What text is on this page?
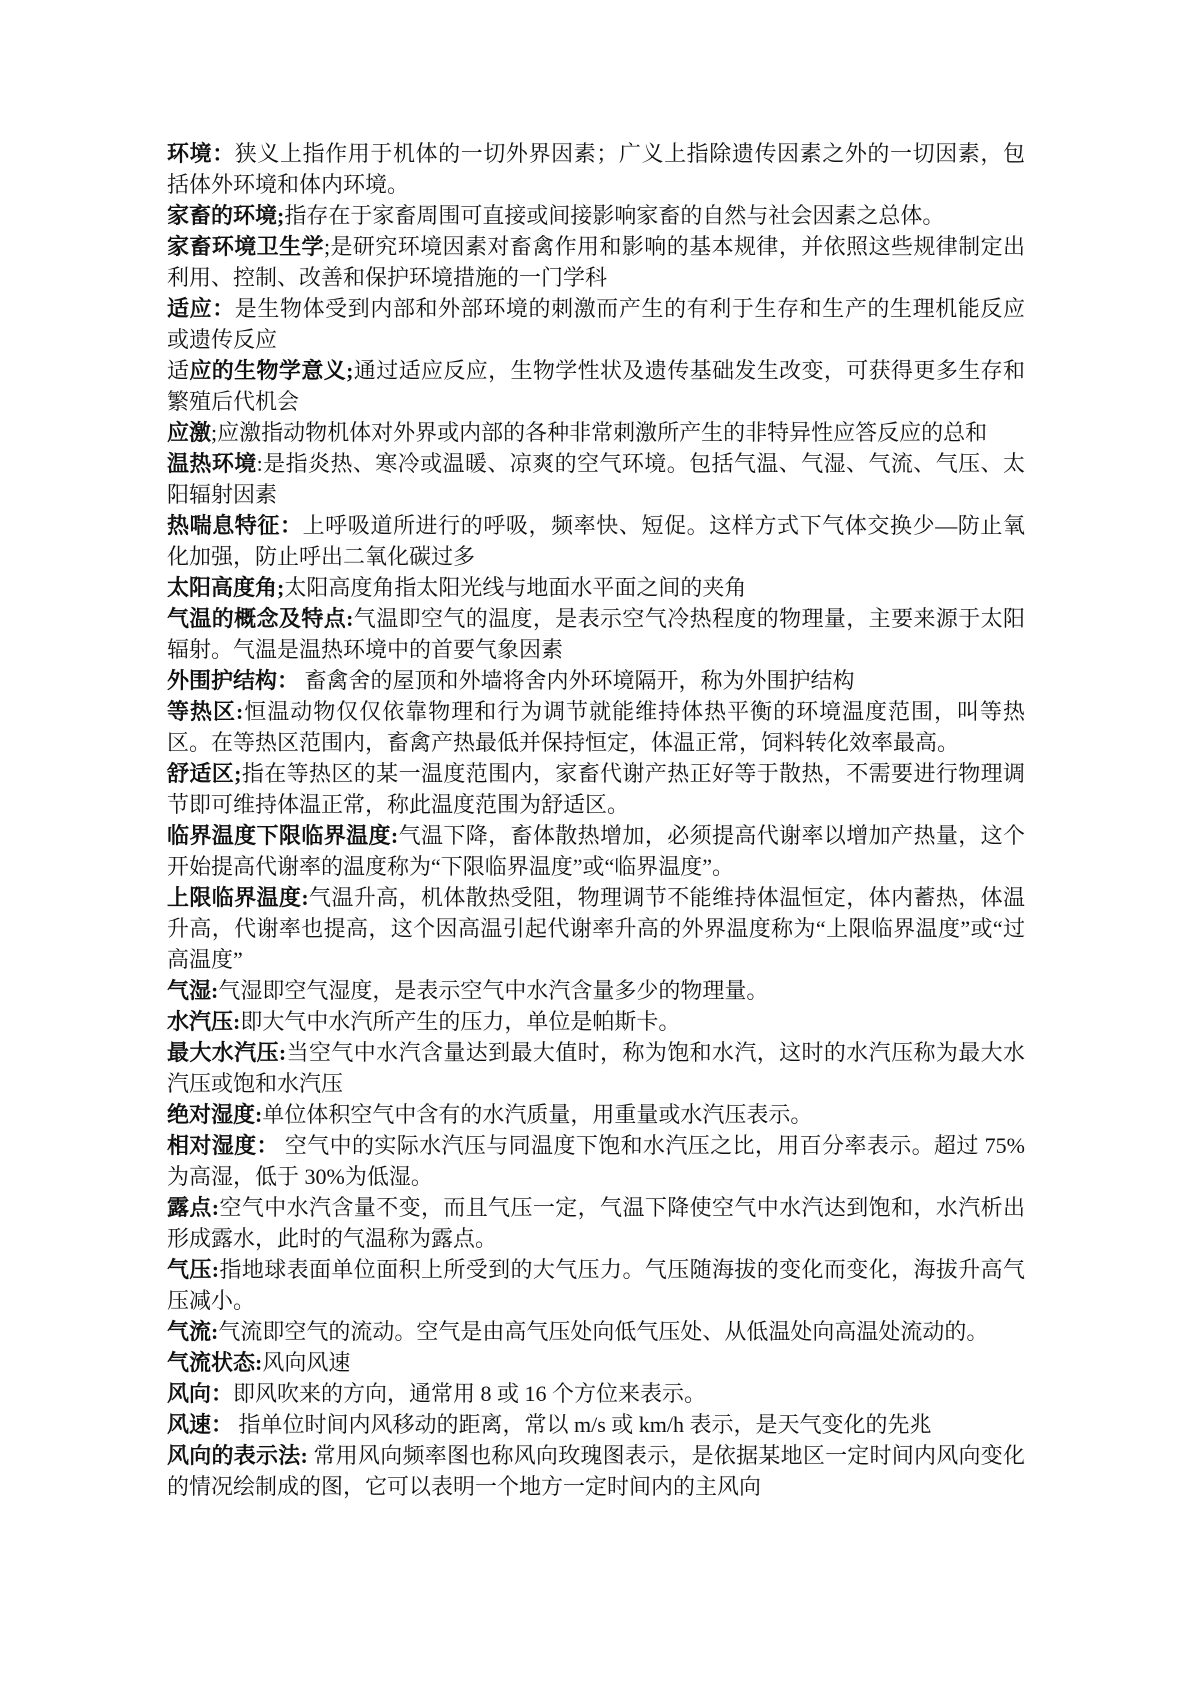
环境：狭义上指作用于机体的一切外界因素；广义上指除遗传因素之外的一切因素，包括体外环境和体内环境。

家畜的环境;指存在于家畜周围可直接或间接影响家畜的自然与社会因素之总体。

家畜环境卫生学;是研究环境因素对畜禽作用和影响的基本规律，并依照这些规律制定出利用、控制、改善和保护环境措施的一门学科

适应：是生物体受到内部和外部环境的刺激而产生的有利于生存和生产的生理机能反应或遗传反应

适应的生物学意义;通过适应反应，生物学性状及遗传基础发生改变，可获得更多生存和繁殖后代机会

应激;应激指动物机体对外界或内部的各种非常刺激所产生的非特异性应答反应的总和

温热环境:是指炎热、寒冷或温暖、凉爽的空气环境。包括气温、气湿、气流、气压、太阳辐射因素

热喘息特征：上呼吸道所进行的呼吸，频率快、短促。这样方式下气体交换少—防止氧化加强，防止呼出二氧化碳过多

太阳高度角;太阳高度角指太阳光线与地面水平面之间的夹角

气温的概念及特点:气温即空气的温度，是表示空气冷热程度的物理量，主要来源于太阳辐射。气温是温热环境中的首要气象因素

外围护结构： 畜禽舍的屋顶和外墙将舍内外环境隔开，称为外围护结构

等热区:恒温动物仅仅依靠物理和行为调节就能维持体热平衡的环境温度范围，叫等热区。在等热区范围内，畜禽产热最低并保持恒定，体温正常，饲料转化效率最高。

舒适区;指在等热区的某一温度范围内，家畜代谢产热正好等于散热，不需要进行物理调节即可维持体温正常，称此温度范围为舒适区。

临界温度下限临界温度:气温下降，畜体散热增加，必须提高代谢率以增加产热量，这个开始提高代谢率的温度称为“下限临界温度”或“临界温度”。

上限临界温度:气温升高，机体散热受阻，物理调节不能维持体温恒定，体内蓄热，体温升高，代谢率也提高，这个因高温引起代谢率升高的外界温度称为“上限临界温度”或“过高温度”

气湿:气湿即空气湿度，是表示空气中水汽含量多少的物理量。

水汽压:即大气中水汽所产生的压力，单位是帕斯卡。

最大水汽压:当空气中水汽含量达到最大值时，称为饱和水汽，这时的水汽压称为最大水汽压或饱和水汽压

绝对湿度:单位体积空气中含有的水汽质量，用重量或水汽压表示。

相对湿度： 空气中的实际水汽压与同温度下饱和水汽压之比，用百分率表示。超过 75%为高湿，低于 30%为低湿。

露点:空气中水汽含量不变，而且气压一定，气温下降使空气中水汽达到饱和，水汽析出形成露水，此时的气温称为露点。

气压:指地球表面单位面积上所受到的大气压力。气压随海拔的变化而变化，海拔升高气压减小。

气流:气流即空气的流动。空气是由高气压处向低气压处、从低温处向高温处流动的。

气流状态:风向风速

风向：即风吹来的方向，通常用 8 或 16 个方位来表示。

风速： 指单位时间内风移动的距离，常以 m/s 或 km/h 表示，是天气变化的先兆

风向的表示法: 常用风向频率图也称风向玫瑰图表示，是依据某地区一定时间内风向变化的情况绘制成的图，它可以表明一个地方一定时间内的主风向
